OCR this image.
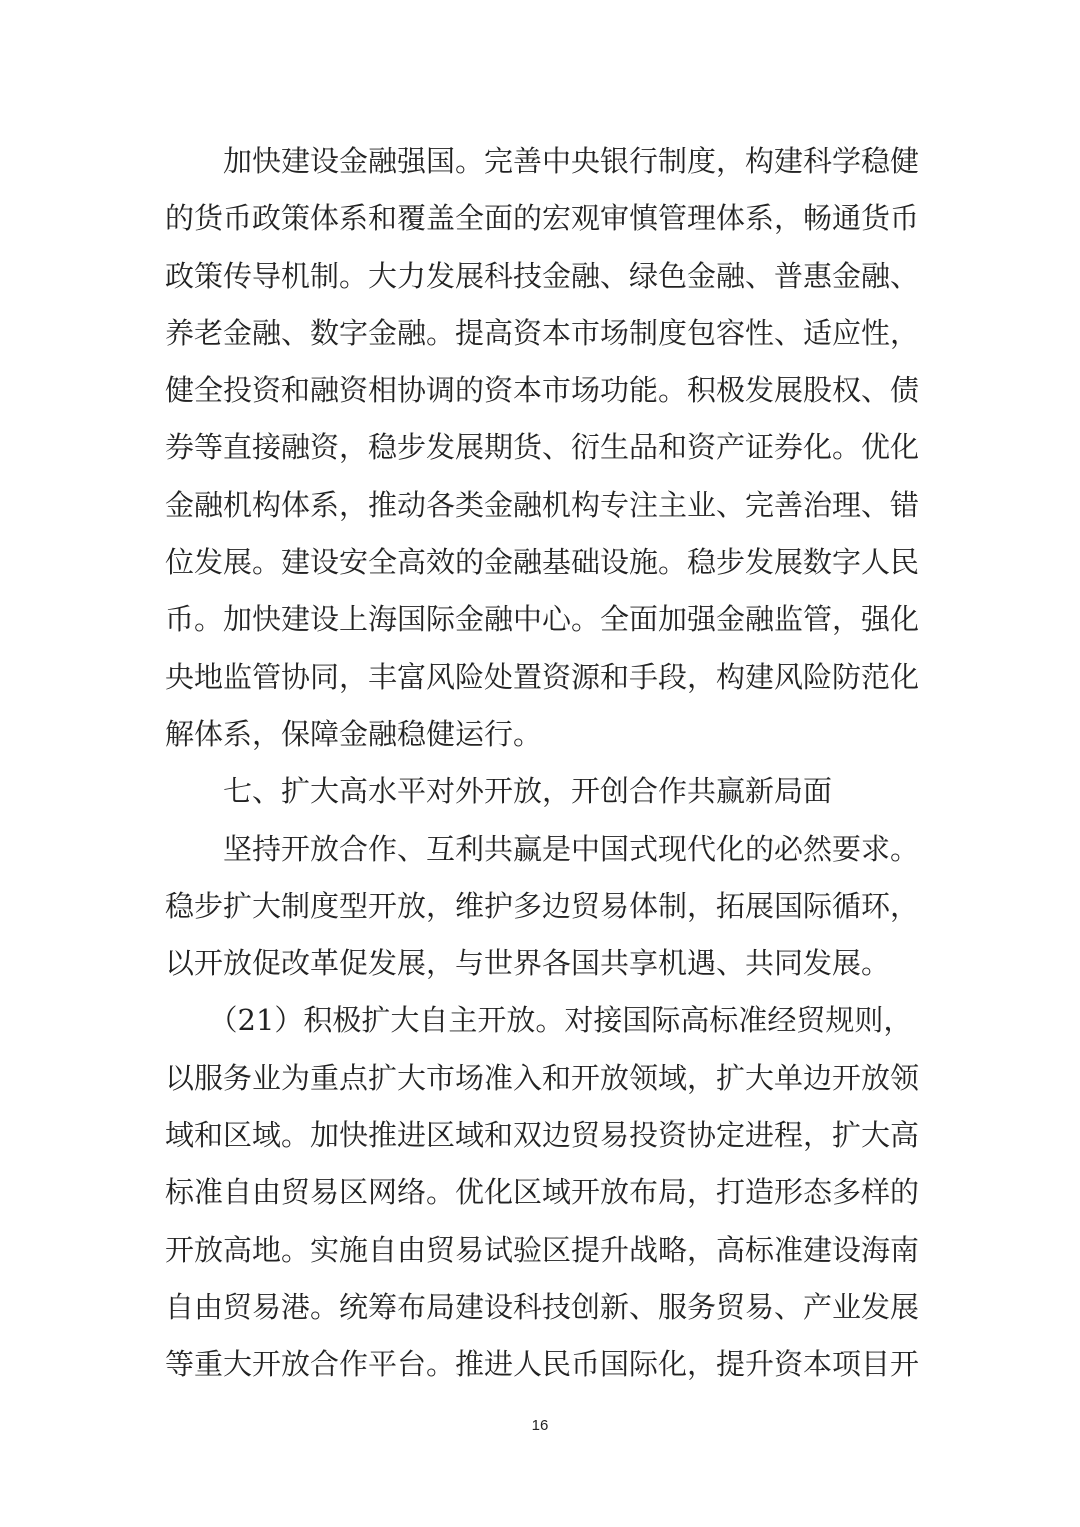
　　加快建设金融强国。完善中央银行制度，构建科学稳健
的货币政策体系和覆盖全面的宏观审慎管理体系，畅通货币
政策传导机制。大力发展科技金融、绿色金融、普惠金融、
养老金融、数字金融。提高资本市场制度包容性、适应性，
健全投资和融资相协调的资本市场功能。积极发展股权、债
券等直接融资，稳步发展期货、衍生品和资产证券化。优化
金融机构体系，推动各类金融机构专注主业、完善治理、错
位发展。建设安全高效的金融基础设施。稳步发展数字人民
币。加快建设上海国际金融中心。全面加强金融监管，强化
央地监管协同，丰富风险处置资源和手段，构建风险防范化
解体系，保障金融稳健运行。
　　七、扩大高水平对外开放，开创合作共赢新局面
　　坚持开放合作、互利共赢是中国式现代化的必然要求。
稳步扩大制度型开放，维护多边贸易体制，拓展国际循环，
以开放促改革促发展，与世界各国共享机遇、共同发展。
　　（21）积极扩大自主开放。对接国际高标准经贸规则，
以服务业为重点扩大市场准入和开放领域，扩大单边开放领
域和区域。加快推进区域和双边贸易投资协定进程，扩大高
标准自由贸易区网络。优化区域开放布局，打造形态多样的
开放高地。实施自由贸易试验区提升战略，高标准建设海南
自由贸易港。统筹布局建设科技创新、服务贸易、产业发展
等重大开放合作平台。推进人民币国际化，提升资本项目开
16
